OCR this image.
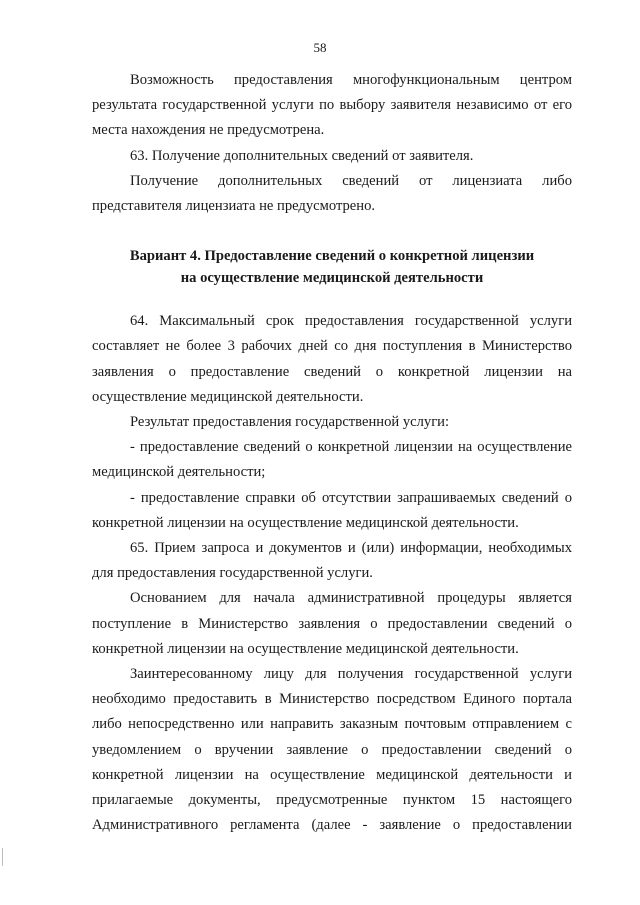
58

Возможность предоставления многофункциональным центром результата государственной услуги по выбору заявителя независимо от его места нахождения не предусмотрена.

63. Получение дополнительных сведений от заявителя.

Получение дополнительных сведений от лицензиата либо представителя лицензиата не предусмотрено.

Вариант 4. Предоставление сведений о конкретной лицензии
на осуществление медицинской деятельности

64. Максимальный срок предоставления государственной услуги составляет не более 3 рабочих дней со дня поступления в Министерство заявления о предоставление сведений о конкретной лицензии на осуществление медицинской деятельности.

Результат предоставления государственной услуги:

- предоставление сведений о конкретной лицензии на осуществление медицинской деятельности;

- предоставление справки об отсутствии запрашиваемых сведений о конкретной лицензии на осуществление медицинской деятельности.

65. Прием запроса и документов и (или) информации, необходимых для предоставления государственной услуги.

Основанием для начала административной процедуры является поступление в Министерство заявления о предоставлении сведений о конкретной лицензии на осуществление медицинской деятельности.

Заинтересованному лицу для получения государственной услуги необходимо предоставить в Министерство посредством Единого портала либо непосредственно или направить заказным почтовым отправлением с уведомлением о вручении заявление о предоставлении сведений о конкретной лицензии на осуществление медицинской деятельности и прилагаемые документы, предусмотренные пунктом 15 настоящего Административного регламента (далее - заявление о предоставлении
